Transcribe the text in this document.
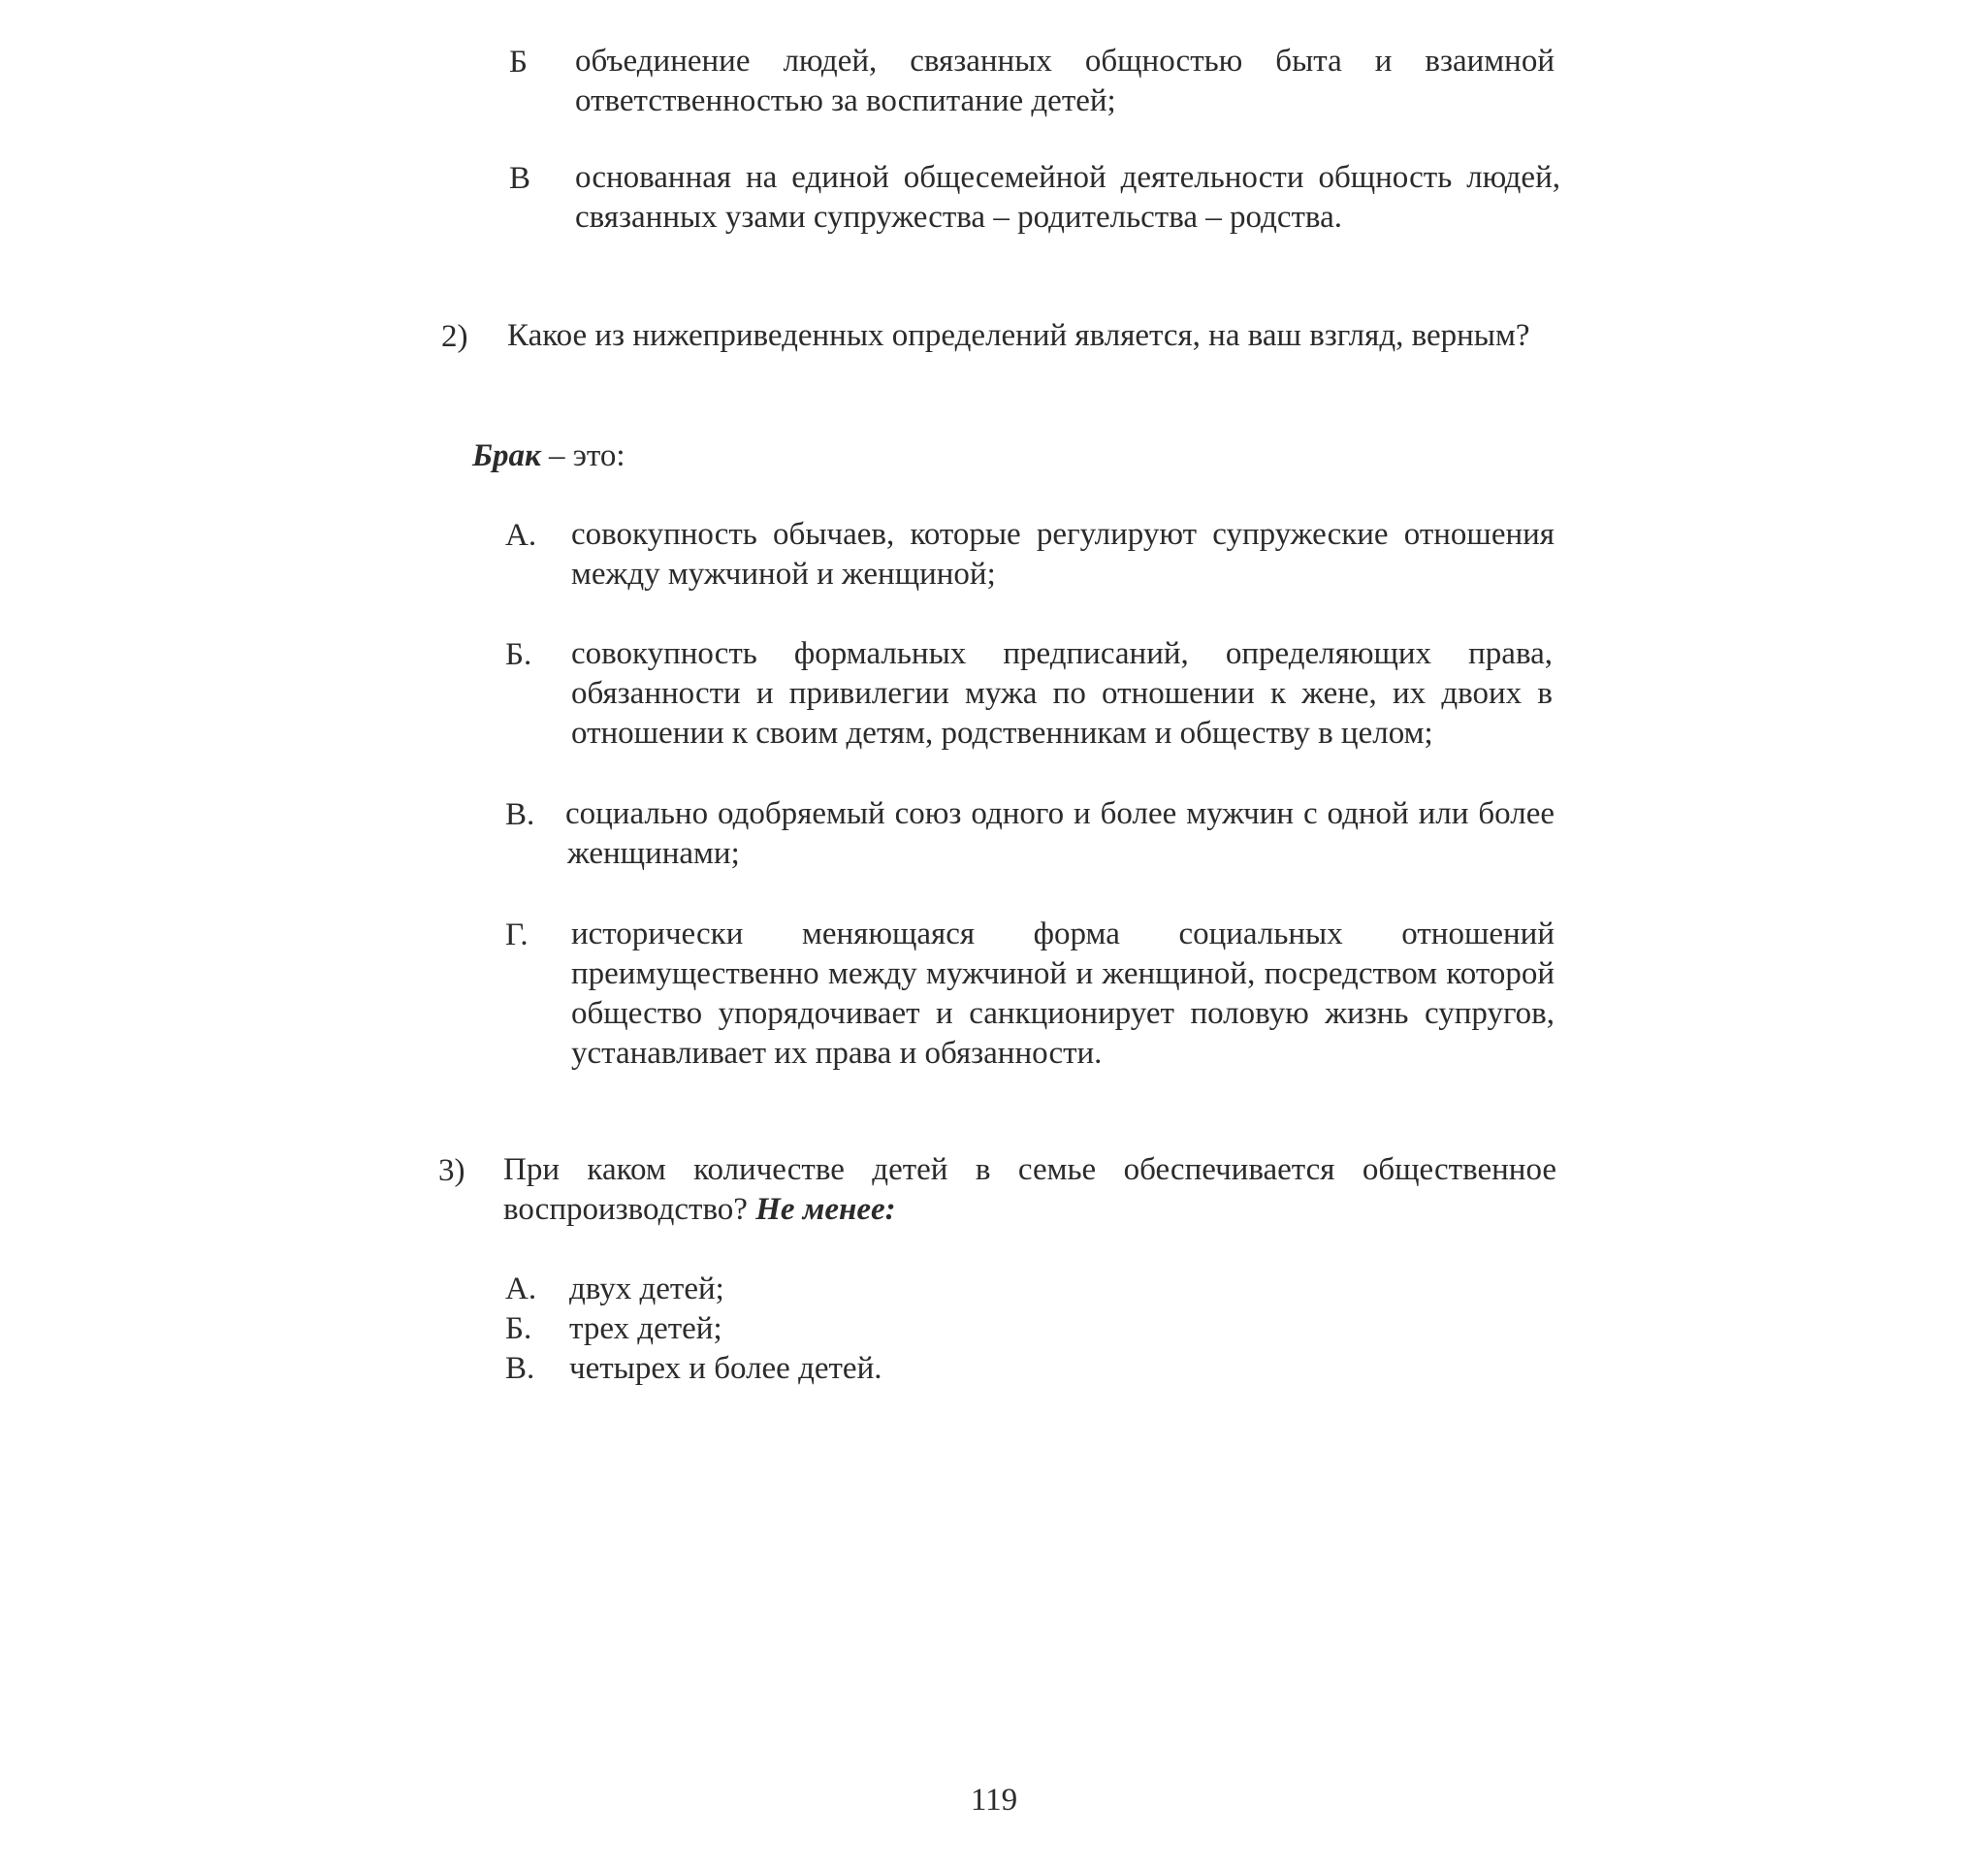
Б объединение людей, связанных общностью быта и взаимной ответственностью за воспитание детей;
В основанная на единой общесемейной деятельности общность людей, связанных узами супружества – родительства – родства.
2) Какое из нижеприведенных определений является, на ваш взгляд, верным?
Брак – это:
А. совокупность обычаев, которые регулируют супружеские отношения между мужчиной и женщиной;
Б. совокупность формальных предписаний, определяющих права, обязанности и привилегии мужа по отношении к жене, их двоих в отношении к своим детям, родственникам и обществу в целом;
В. социально одобряемый союз одного и более мужчин с одной или более женщинами;
Г. исторически меняющаяся форма социальных отношений преимущественно между мужчиной и женщиной, посредством которой общество упорядочивает и санкционирует половую жизнь супругов, устанавливает их права и обязанности.
3) При каком количестве детей в семье обеспечивается общественное воспроизводство? Не менее:
А. двух детей;
Б. трех детей;
В. четырех и более детей.
119
